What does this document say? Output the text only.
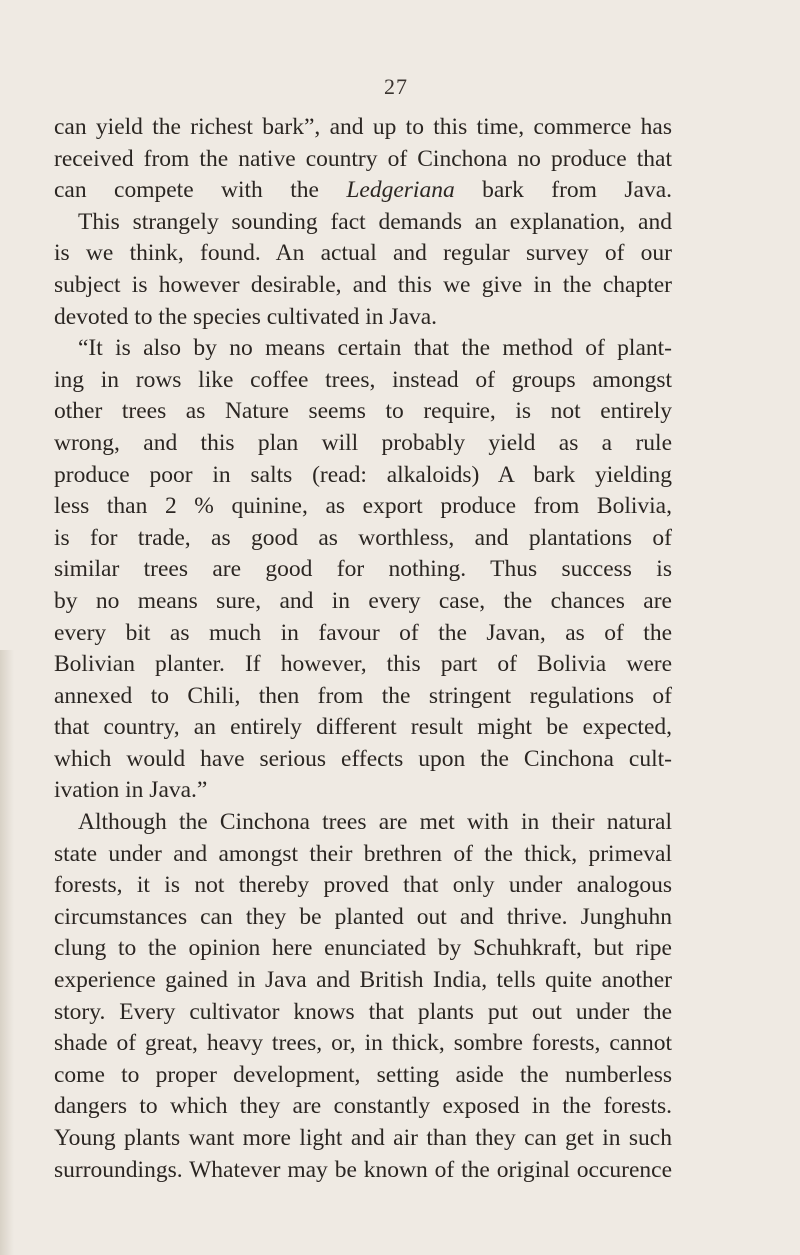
27
can yield the richest bark”, and up to this time, commerce has
received from the native country of Cinchona no produce that
can compete with the Ledgeriana bark from Java.
This strangely sounding fact demands an explanation, and
is we think, found. An actual and regular survey of our
subject is however desirable, and this we give in the chapter
devoted to the species cultivated in Java.
“It is also by no means certain that the method of plant-
ing in rows like coffee trees, instead of groups amongst
other trees as Nature seems to require, is not entirely
wrong, and this plan will probably yield as a rule
produce poor in salts (read: alkaloids) A bark yielding
less than 2 % quinine, as export produce from Bolivia,
is for trade, as good as worthless, and plantations of
similar trees are good for nothing. Thus success is
by no means sure, and in every case, the chances are
every bit as much in favour of the Javan, as of the
Bolivian planter. If however, this part of Bolivia were
annexed to Chili, then from the stringent regulations of
that country, an entirely different result might be expected,
which would have serious effects upon the Cinchona cult-
ivation in Java.”
Although the Cinchona trees are met with in their natural
state under and amongst their brethren of the thick, primeval
forests, it is not thereby proved that only under analogous
circumstances can they be planted out and thrive. Junghuhn
clung to the opinion here enunciated by Schuhkraft, but ripe
experience gained in Java and British India, tells quite another
story. Every cultivator knows that plants put out under the
shade of great, heavy trees, or, in thick, sombre forests, cannot
come to proper development, setting aside the numberless
dangers to which they are constantly exposed in the forests.
Young plants want more light and air than they can get in such
surroundings. Whatever may be known of the original occurence
